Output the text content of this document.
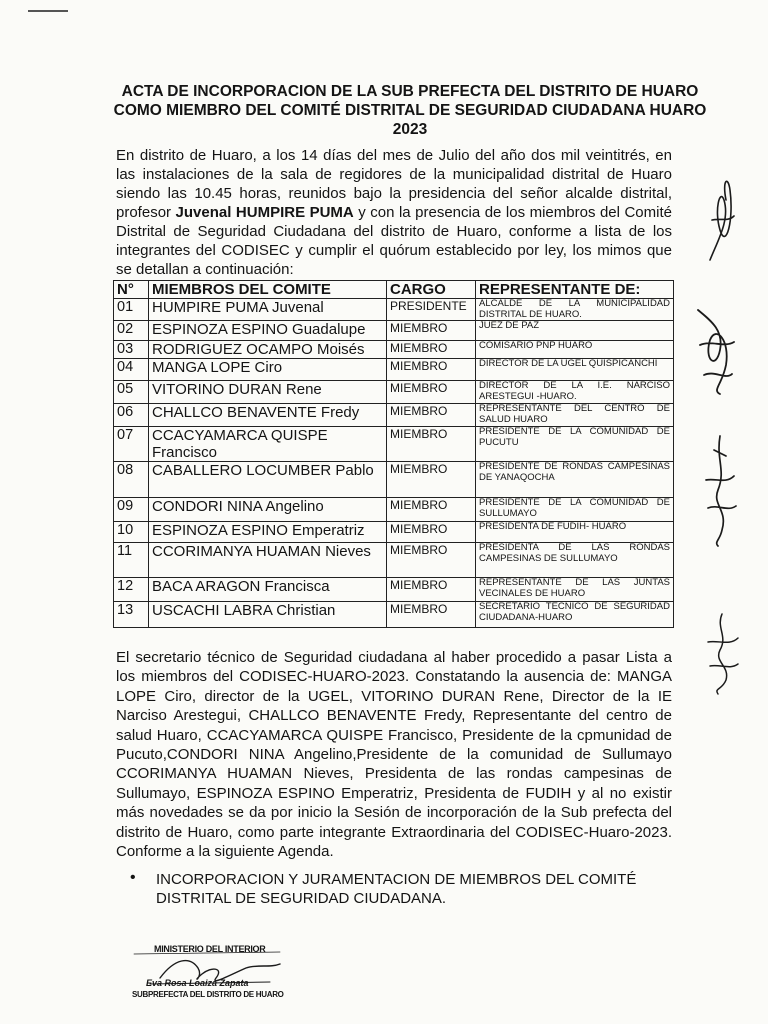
ACTA DE INCORPORACION DE LA SUB PREFECTA DEL DISTRITO DE HUARO COMO MIEMBRO DEL COMITÉ DISTRITAL DE SEGURIDAD CIUDADANA HUARO 2023
En distrito de Huaro, a los 14 días del mes de Julio del año dos mil veintitrés, en las instalaciones de la sala de regidores de la municipalidad distrital de Huaro siendo las 10.45 horas, reunidos bajo la presidencia del señor alcalde distrital, profesor Juvenal HUMPIRE PUMA y con la presencia de los miembros del Comité Distrital de Seguridad Ciudadana del distrito de Huaro, conforme a lista de los integrantes del CODISEC y cumplir el quórum establecido por ley, los mimos que se detallan a continuación:
N°	MIEMBROS DEL COMITE	CARGO	REPRESENTANTE DE:
01	HUMPIRE PUMA Juvenal	PRESIDENTE	ALCALDE DE LA MUNICIPALIDAD DISTRITAL DE HUARO.
02	ESPINOZA ESPINO Guadalupe	MIEMBRO	JUEZ DE PAZ
03	RODRIGUEZ OCAMPO Moisés	MIEMBRO	COMISARIO PNP HUARO
04	MANGA LOPE Ciro	MIEMBRO	DIRECTOR DE LA UGEL QUISPICANCHI
05	VITORINO DURAN Rene	MIEMBRO	DIRECTOR DE LA I.E. NARCISO ARESTEGUI -HUARO.
06	CHALLCO BENAVENTE Fredy	MIEMBRO	REPRESENTANTE DEL CENTRO DE SALUD HUARO
07	CCACYAMARCA QUISPE Francisco	MIEMBRO	PRESIDENTE DE LA COMUNIDAD DE PUCUTU
08	CABALLERO LOCUMBER Pablo	MIEMBRO	PRESIDENTE DE RONDAS CAMPESINAS DE YANAQOCHA
09	CONDORI NINA Angelino	MIEMBRO	PRESIDENTE DE LA COMUNIDAD DE SULLUMAYO
10	ESPINOZA ESPINO Emperatriz	MIEMBRO	PRESIDENTA DE FUDIH- HUARO
11	CCORIMANYA HUAMAN Nieves	MIEMBRO	PRESIDENTA DE LAS RONDAS CAMPESINAS DE SULLUMAYO
12	BACA ARAGON Francisca	MIEMBRO	REPRESENTANTE DE LAS JUNTAS VECINALES DE HUARO
13	USCACHI LABRA Christian	MIEMBRO	SECRETARIO TECNICO DE SEGURIDAD CIUDADANA-HUARO
El secretario técnico de Seguridad ciudadana al haber procedido a pasar Lista a los miembros del CODISEC-HUARO-2023. Constatando la ausencia de: MANGA LOPE Ciro, director de la UGEL, VITORINO DURAN Rene, Director de la IE Narciso Arestegui, CHALLCO BENAVENTE Fredy, Representante del centro de salud Huaro, CCACYAMARCA QUISPE Francisco, Presidente de la cpmunidad de Pucuto,CONDORI NINA Angelino,Presidente de la comunidad de Sullumayo CCORIMANYA HUAMAN Nieves, Presidenta de las rondas campesinas de Sullumayo, ESPINOZA ESPINO Emperatriz, Presidenta de FUDIH y al no existir más novedades se da por inicio la Sesión de incorporación de la Sub prefecta del distrito de Huaro, como parte integrante Extraordinaria del CODISEC-Huaro-2023. Conforme a la siguiente Agenda.
• INCORPORACION Y JURAMENTACION DE MIEMBROS DEL COMITÉ DISTRITAL DE SEGURIDAD CIUDADANA.
MINISTERIO DEL INTERIOR
Eva Rosa Loaiza Zapata
SUBPREFECTA DEL DISTRITO DE HUARO
